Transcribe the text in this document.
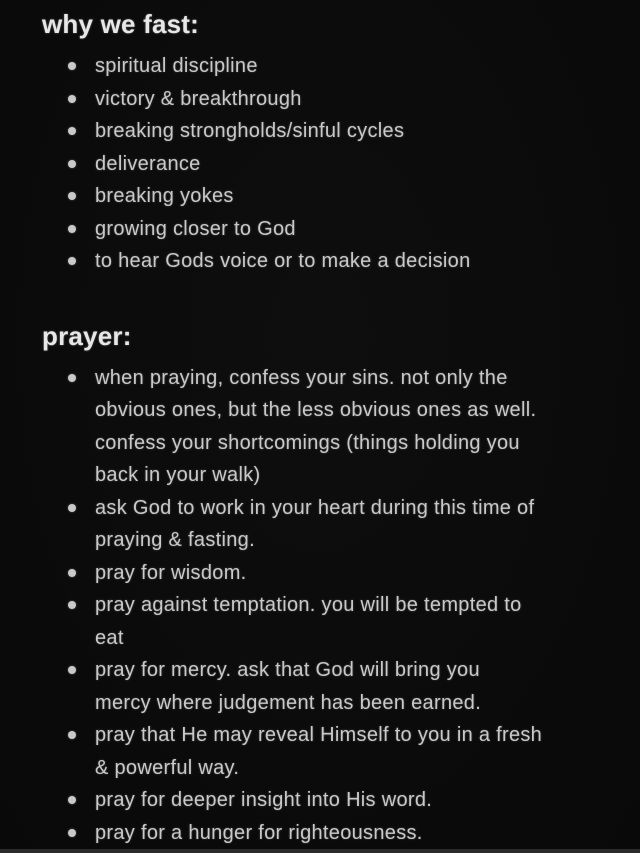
why we fast:
spiritual discipline
victory & breakthrough
breaking strongholds/sinful cycles
deliverance
breaking yokes
growing closer to God
to hear Gods voice or to make a decision
prayer:
when praying, confess your sins. not only the
obvious ones, but the less obvious ones as well.
confess your shortcomings (things holding you
back in your walk)
ask God to work in your heart during this time of
praying & fasting.
pray for wisdom.
pray against temptation. you will be tempted to
eat
pray for mercy. ask that God will bring you
mercy where judgement has been earned.
pray that He may reveal Himself to you in a fresh
& powerful way.
pray for deeper insight into His word.
pray for a hunger for righteousness.
